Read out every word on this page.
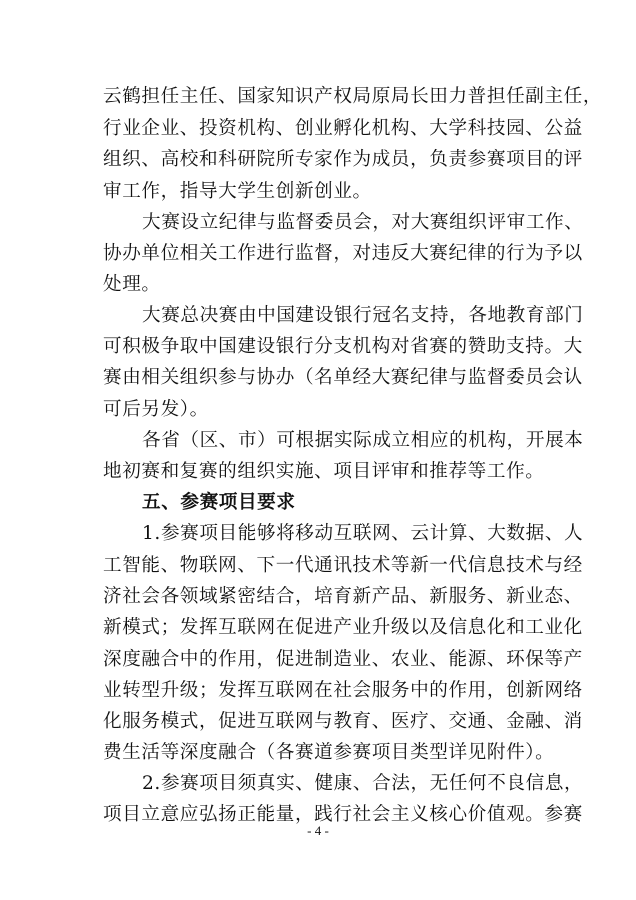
云鹤担任主任、国家知识产权局原局长田力普担任副主任，
行业企业、投资机构、创业孵化机构、大学科技园、公益
组织、高校和科研院所专家作为成员，负责参赛项目的评
审工作，指导大学生创新创业。
大赛设立纪律与监督委员会，对大赛组织评审工作、
协办单位相关工作进行监督，对违反大赛纪律的行为予以
处理。
大赛总决赛由中国建设银行冠名支持，各地教育部门
可积极争取中国建设银行分支机构对省赛的赞助支持。大
赛由相关组织参与协办（名单经大赛纪律与监督委员会认
可后另发）。
各省（区、市）可根据实际成立相应的机构，开展本
地初赛和复赛的组织实施、项目评审和推荐等工作。
五、参赛项目要求
1.参赛项目能够将移动互联网、云计算、大数据、人
工智能、物联网、下一代通讯技术等新一代信息技术与经
济社会各领域紧密结合，培育新产品、新服务、新业态、
新模式；发挥互联网在促进产业升级以及信息化和工业化
深度融合中的作用，促进制造业、农业、能源、环保等产
业转型升级；发挥互联网在社会服务中的作用，创新网络
化服务模式，促进互联网与教育、医疗、交通、金融、消
费生活等深度融合（各赛道参赛项目类型详见附件）。
2.参赛项目须真实、健康、合法，无任何不良信息，
项目立意应弘扬正能量，践行社会主义核心价值观。参赛
- 4 -
